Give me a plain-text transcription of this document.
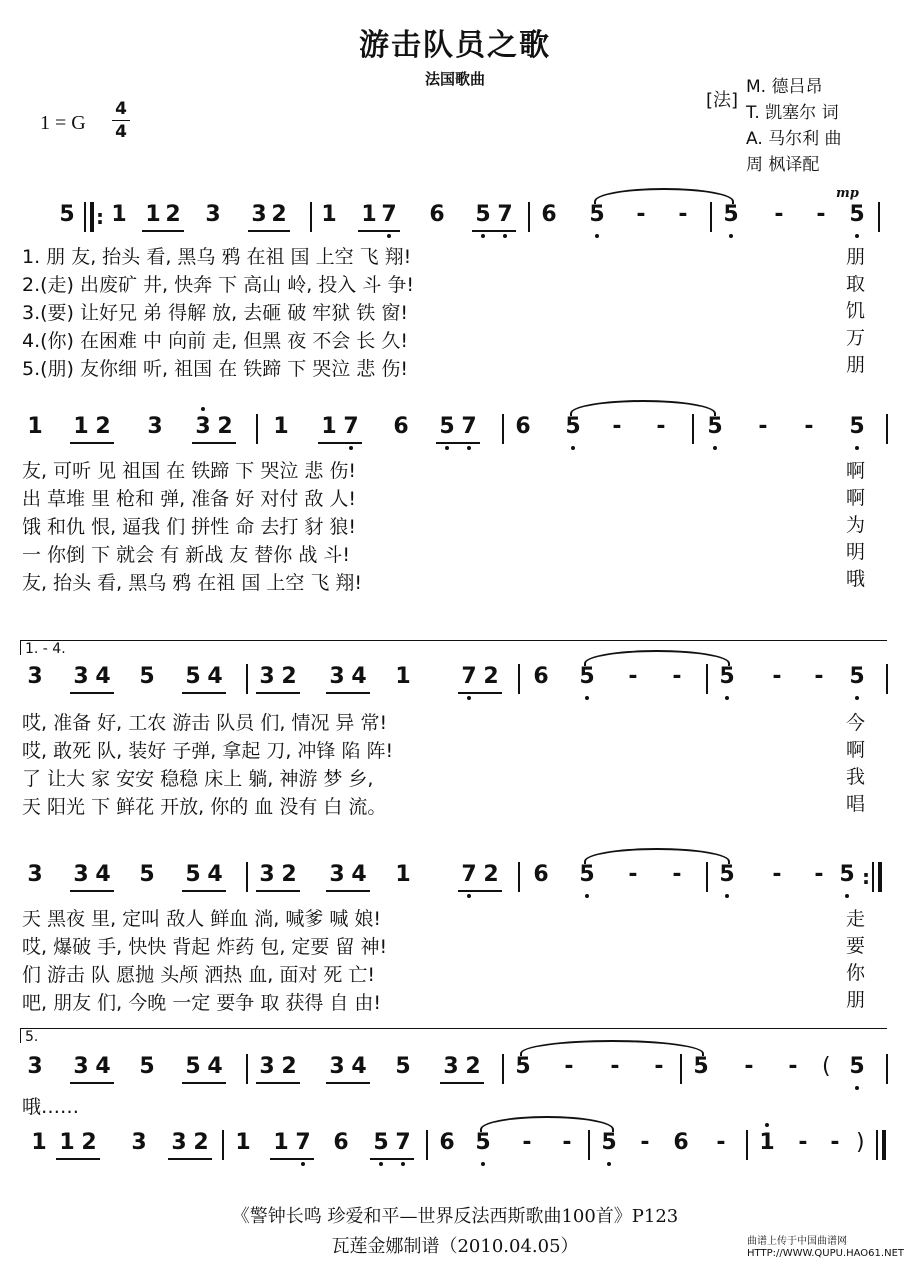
游击队员之歌
法国歌曲
1 = G
4
4
[法]
M. 德吕昂
T. 凯塞尔 词
A. 马尔利 曲
周 枫译配
mp
5 : 1 1 2 3 3 2 1 1 7 6 5 7 6 5 - - 5 - - 5
1. 朋 友, 抬头 看, 黑乌 鸦 在祖 国 上空 飞 翔!
2.(走) 出废矿 井, 快奔 下 高山 岭, 投入 斗 争!
3.(要) 让好兄 弟 得解 放, 去砸 破 牢狱 铁 窗!
4.(你) 在困难 中 向前 走, 但黑 夜 不会 长 久!
5.(朋) 友你细 听, 祖国 在 铁蹄 下 哭泣 悲 伤!
朋
取
饥
万
朋
1 1 2 3 3 2 1 1 7 6 5 7 6 5 - - 5 - - 5
友, 可听 见 祖国 在 铁蹄 下 哭泣 悲 伤!
出 草堆 里 枪和 弹, 准备 好 对付 敌 人!
饿 和仇 恨, 逼我 们 拼性 命 去打 豺 狼!
一 你倒 下 就会 有 新战 友 替你 战 斗!
友, 抬头 看, 黑乌 鸦 在祖 国 上空 飞 翔!
啊
啊
为
明
哦
1. - 4.
3 3 4 5 5 4 3 2 3 4 1 7 2 6 5 - - 5 - - 5
哎, 准备 好, 工农 游击 队员 们, 情况 异 常!
哎, 敢死 队, 装好 子弹, 拿起 刀, 冲锋 陷 阵!
了 让大 家 安安 稳稳 床上 躺, 神游 梦 乡,
天 阳光 下 鲜花 开放, 你的 血 没有 白 流。
今
啊
我
唱
3 3 4 5 5 4 3 2 3 4 1 7 2 6 5 - - 5 - - 5 :
天 黑夜 里, 定叫 敌人 鲜血 淌, 喊爹 喊 娘!
哎, 爆破 手, 快快 背起 炸药 包, 定要 留 神!
们 游击 队 愿抛 头颅 洒热 血, 面对 死 亡!
吧, 朋友 们, 今晚 一定 要争 取 获得 自 由!
走
要
你
朋
5.
3 3 4 5 5 4 3 2 3 4 5 3 2 5 - - - 5 - - ( 5
哦……
1 1 2 3 3 2 1 1 7 6 5 7 6 5 - - 5 - 6 - 1 - - )
《警钟长鸣 珍爱和平—世界反法西斯歌曲100首》P123
瓦莲金娜制谱（2010.04.05）	曲谱上传于中国曲谱网
HTTP://WWW.QUPU.HAO61.NET
